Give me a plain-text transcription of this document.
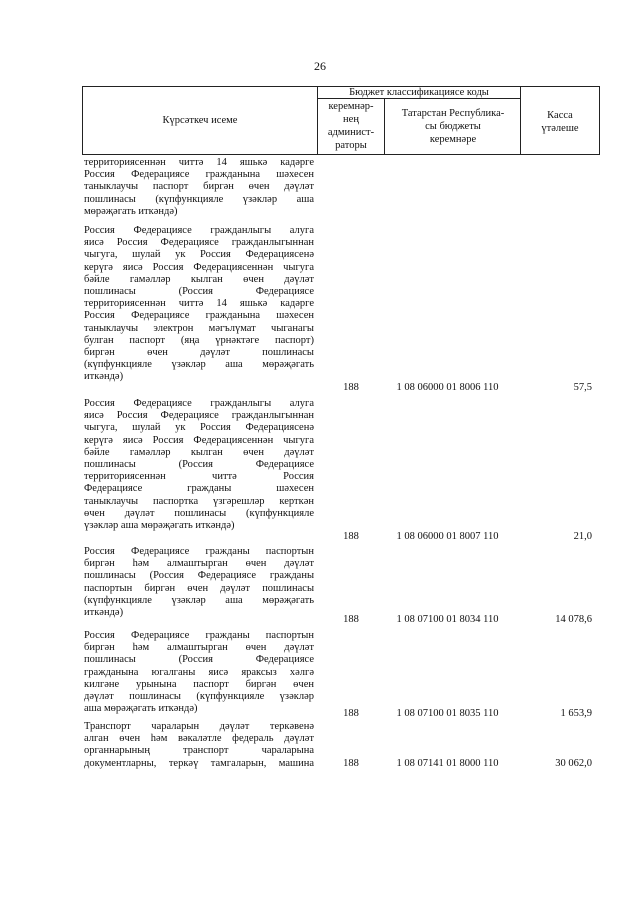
26
Күрсәткеч исеме
Бюджет классификациясе коды
керемнәр-
нең
админист-
раторы
Татарстан Республика-
сы бюджеты
керемнәре
Касса
үтәлеше
территориясеннән читтә 14 яшькә кадәрге
Россия Федерациясе гражданына шәхесен
таныклаучы паспорт биргән өчен дәүләт
пошлинасы (күпфункцияле үзәкләр аша
мөрәҗәгать иткәндә)
Россия Федерациясе гражданлыгы алуга
яисә Россия Федерациясе гражданлыгыннан
чыгуга, шулай ук Россия Федерациясенә
керүгә яисә Россия Федерациясеннән чыгуга
бәйле гамәлләр кылган өчен дәүләт
пошлинасы (Россия Федерациясе
территориясеннән читтә 14 яшькә кадәрге
Россия Федерациясе гражданына шәхесен
таныклаучы электрон мәгълүмат чыганагы
булган паспорт (яңа үрнәктәге паспорт)
биргән өчен дәүләт пошлинасы
(күпфункцияле үзәкләр аша мөрәҗәгать
иткәндә)
188	1 08 06000 01 8006 110	57,5
Россия Федерациясе гражданлыгы алуга
яисә Россия Федерациясе гражданлыгыннан
чыгуга, шулай ук Россия Федерациясенә
керүгә яисә Россия Федерациясеннән чыгуга
бәйле гамәлләр кылган өчен дәүләт
пошлинасы (Россия Федерациясе
территориясеннән читтә Россия
Федерациясе гражданы шәхесен
таныклаучы паспортка үзгәрешләр керткән
өчен дәүләт пошлинасы (күпфункцияле
үзәкләр аша мөрәҗәгать иткәндә)
188	1 08 06000 01 8007 110	21,0
Россия Федерациясе гражданы паспортын
биргән һәм алмаштырган өчен дәүләт
пошлинасы (Россия Федерациясе гражданы
паспортын биргән өчен дәүләт пошлинасы
(күпфункцияле үзәкләр аша мөрәҗәгать
иткәндә)
188	1 08 07100 01 8034 110	14 078,6
Россия Федерациясе гражданы паспортын
биргән һәм алмаштырган өчен дәүләт
пошлинасы (Россия Федерациясе
гражданына югалганы яисә яраксыз хәлгә
килгәне урынына паспорт биргән өчен
дәүләт пошлинасы (күпфункцияле үзәкләр
аша мөрәҗәгать иткәндә)	188	1 08 07100 01 8035 110	1 653,9
Транспорт чараларын дәүләт теркәвенә
алган өчен һәм вәкаләтле федераль дәүләт
органнарының транспорт чараларына
документларны, теркәү тамгаларын, машина	188	1 08 07141 01 8000 110	30 062,0
